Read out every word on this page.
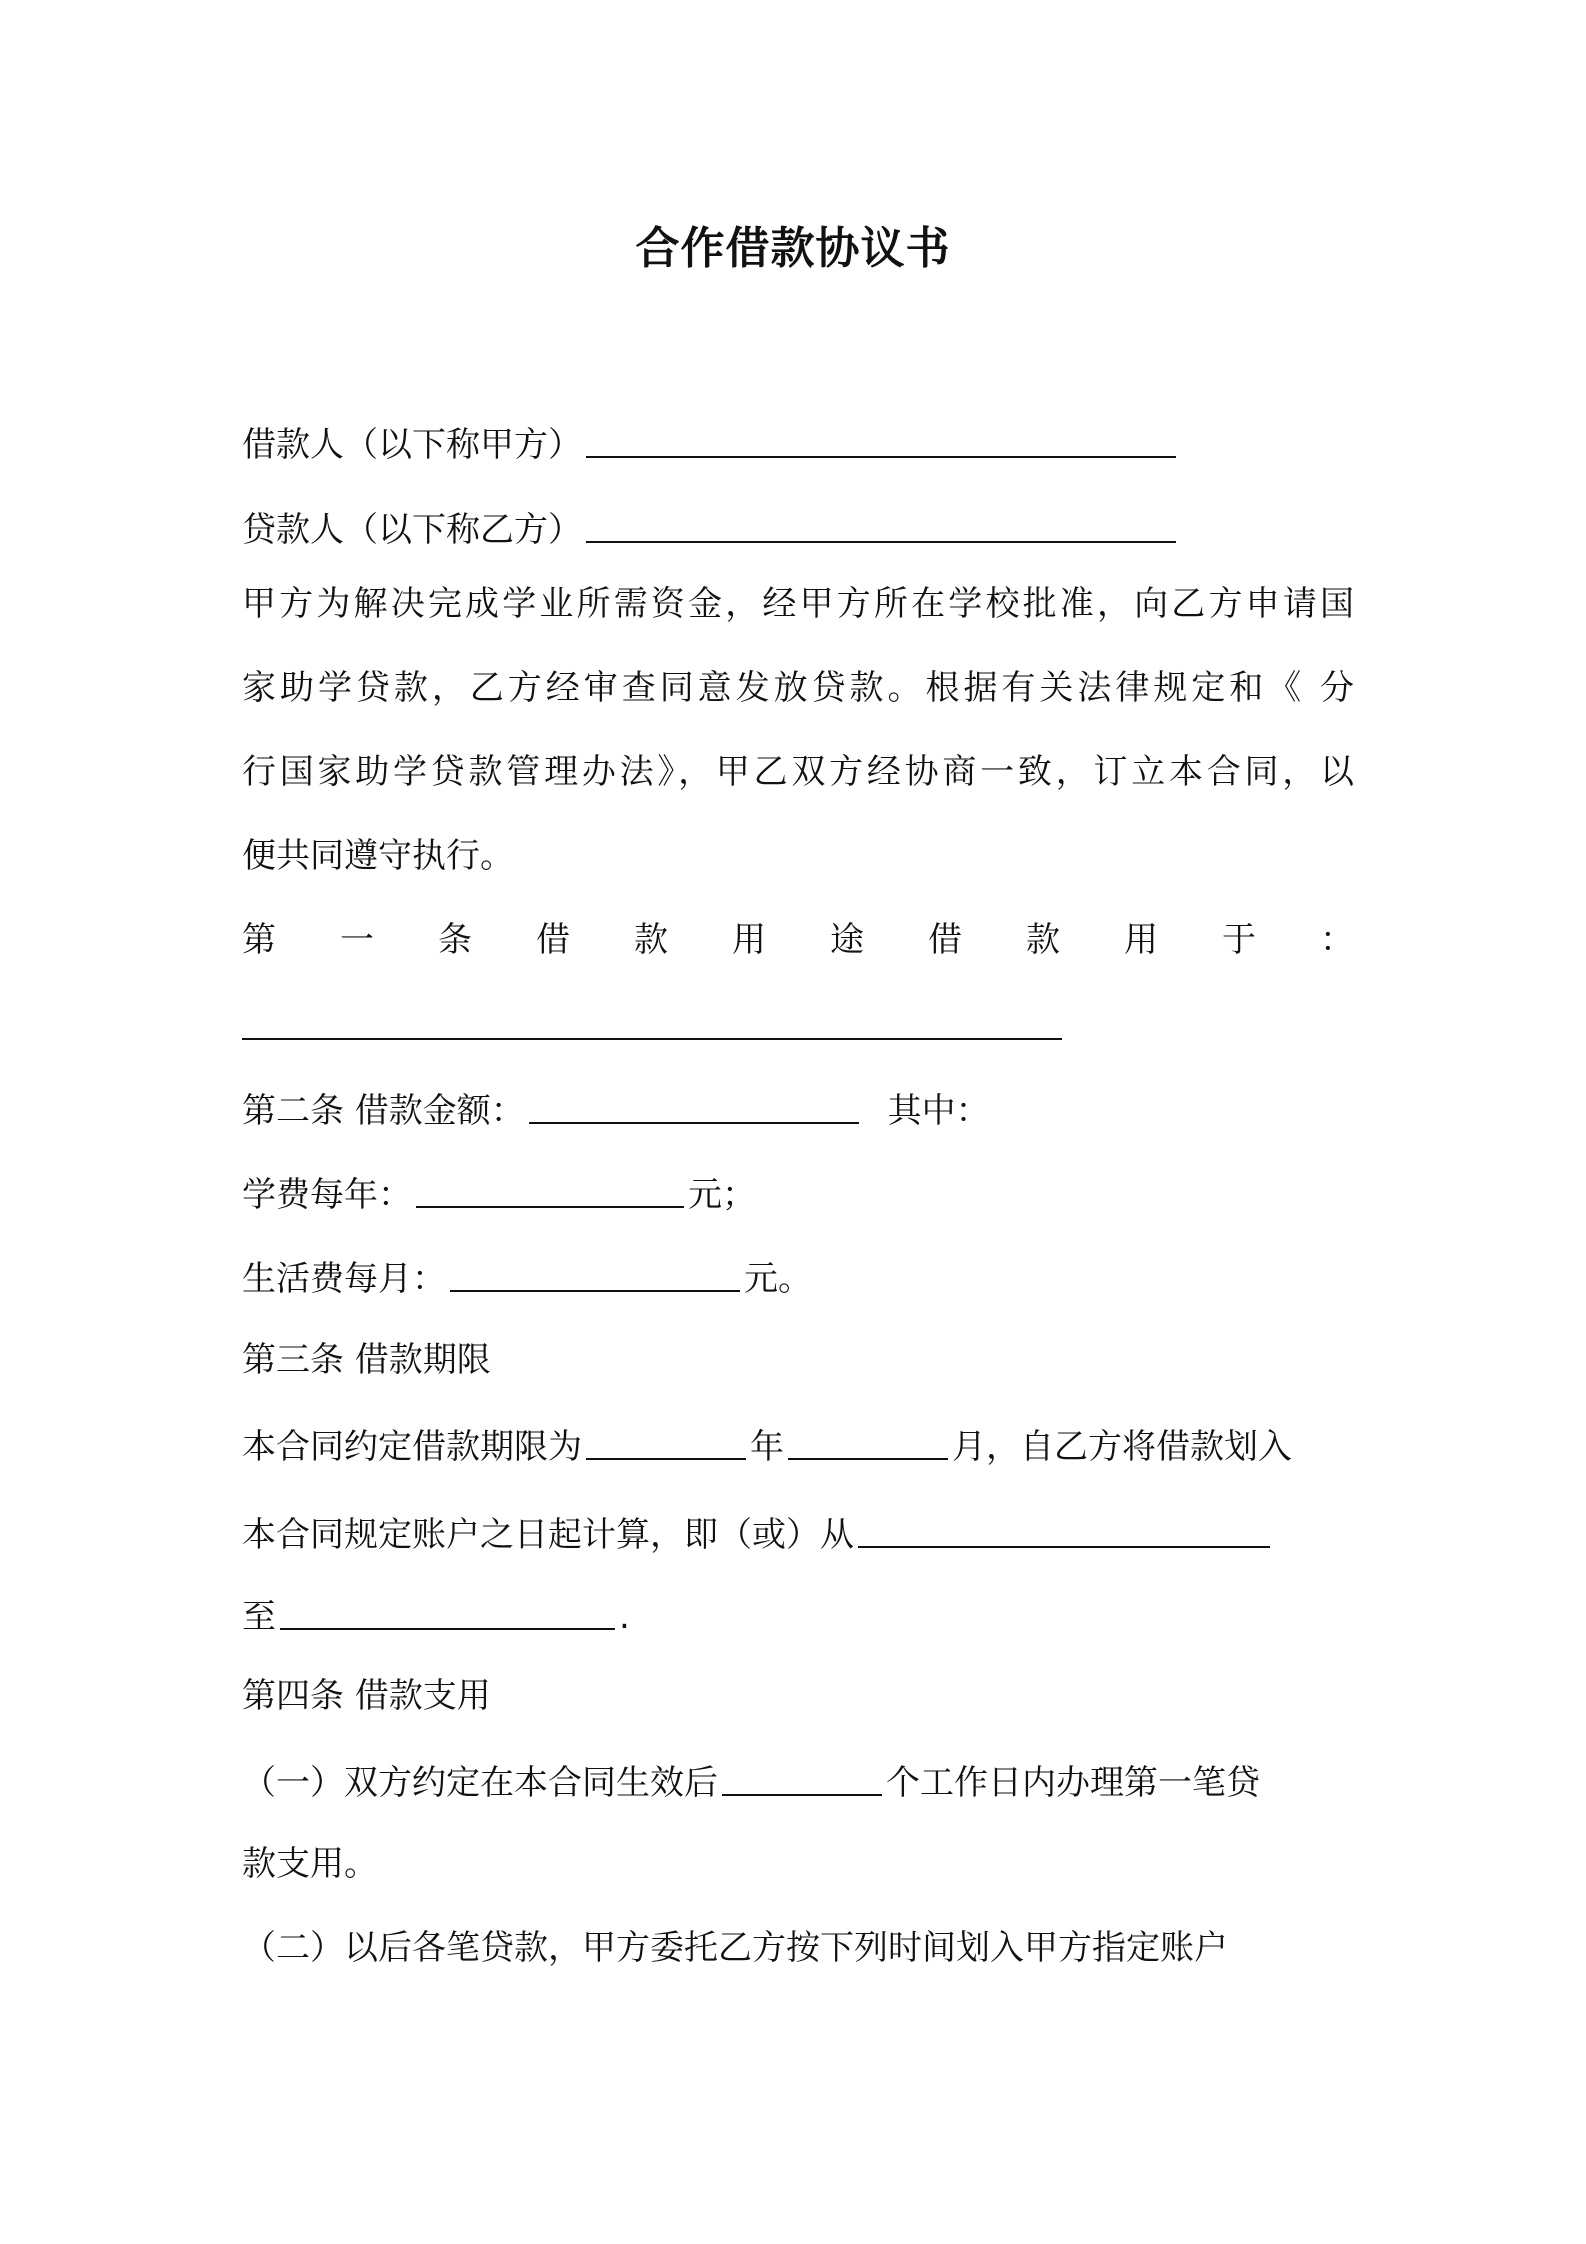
合作借款协议书
借款人（以下称甲方）
贷款人（以下称乙方）
甲方为解决完成学业所需资金，经甲方所在学校批准，向乙方申请国
家助学贷款，乙方经审查同意发放贷款。根据有关法律规定和《 分
行国家助学贷款管理办法》，甲乙双方经协商一致，订立本合同，以
便共同遵守执行。
第 一 条 借 款 用 途 借 款 用 于 ：
第二条 借款金额：	其中：
学费每年：	元；
生活费每月：	元。
第三条 借款期限
本合同约定借款期限为	年	月，自乙方将借款划入
本合同规定账户之日起计算，即（或）从
至	.
第四条 借款支用
（一）双方约定在本合同生效后	个工作日内办理第一笔贷
款支用。
（二）以后各笔贷款，甲方委托乙方按下列时间划入甲方指定账户
